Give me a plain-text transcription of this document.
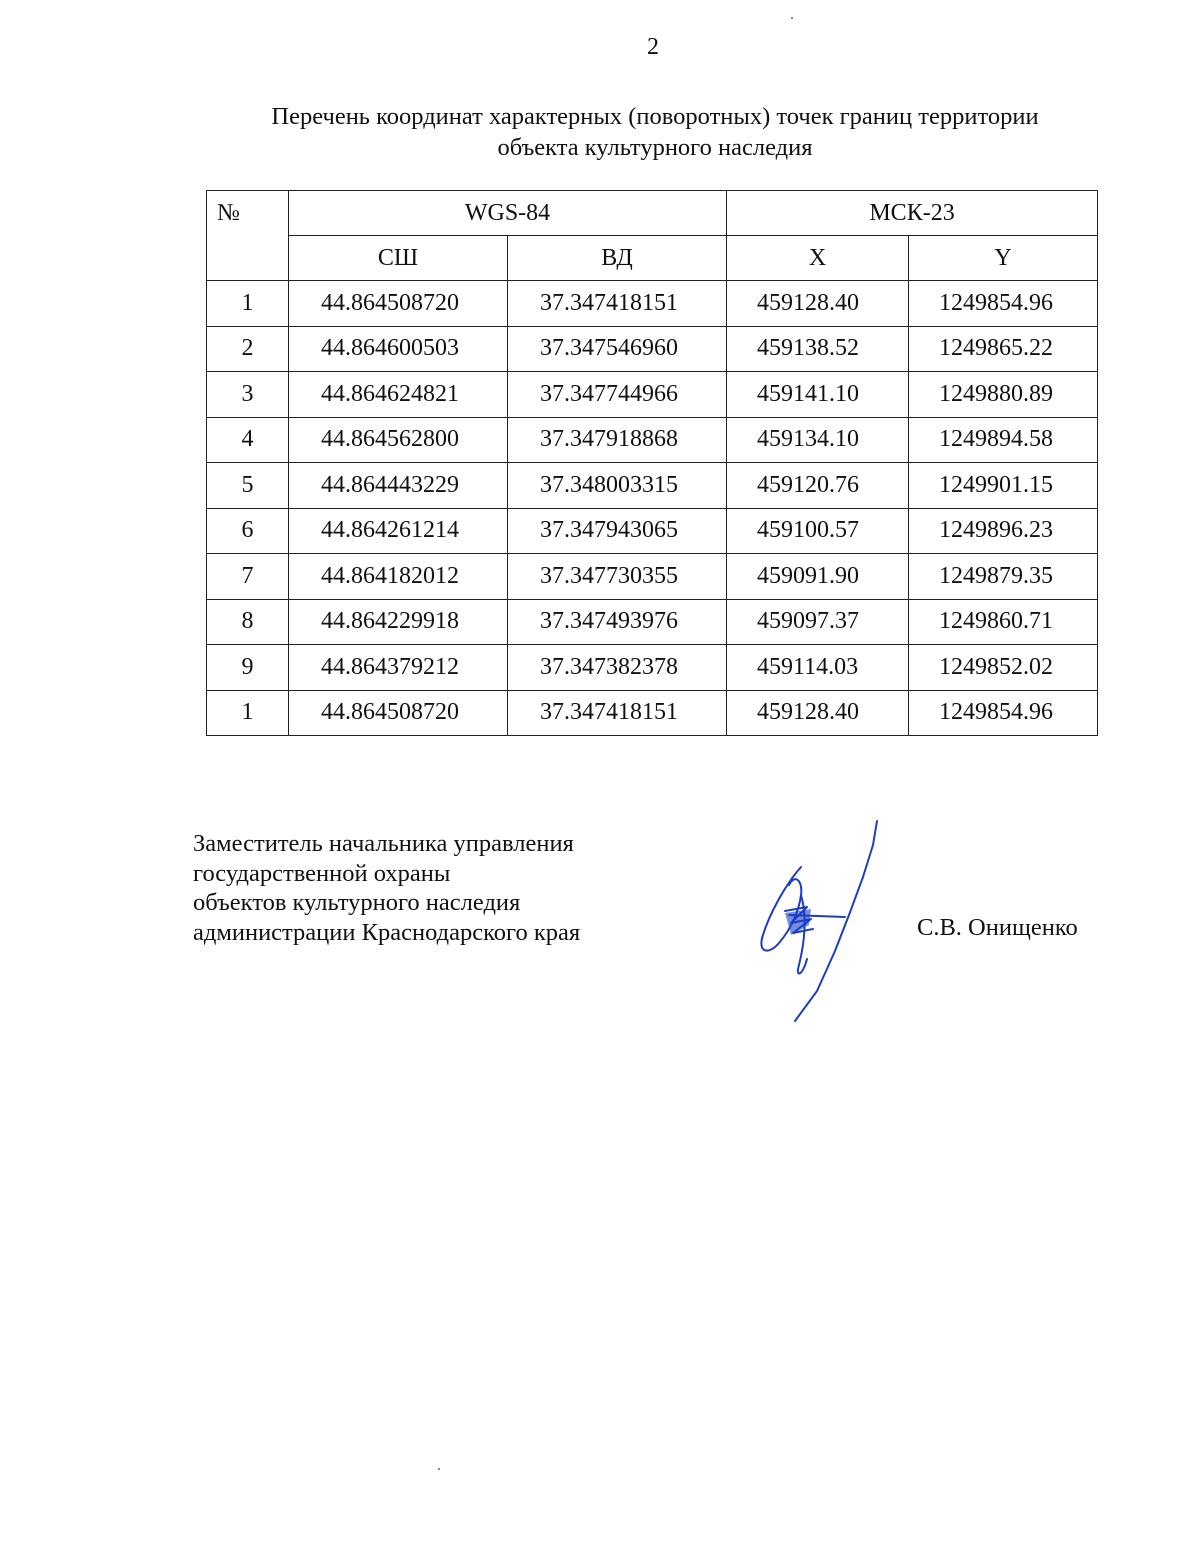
2
Перечень координат характерных (поворотных) точек границ территории
объекта культурного наследия
№	WGS-84		МСК-23	
	СШ	ВД	X	Y
1	44.864508720	37.347418151	459128.40	1249854.96
2	44.864600503	37.347546960	459138.52	1249865.22
3	44.864624821	37.347744966	459141.10	1249880.89
4	44.864562800	37.347918868	459134.10	1249894.58
5	44.864443229	37.348003315	459120.76	1249901.15
6	44.864261214	37.347943065	459100.57	1249896.23
7	44.864182012	37.347730355	459091.90	1249879.35
8	44.864229918	37.347493976	459097.37	1249860.71
9	44.864379212	37.347382378	459114.03	1249852.02
1	44.864508720	37.347418151	459128.40	1249854.96
Заместитель начальника управления
государственной охраны
объектов культурного наследия
администрации Краснодарского края	С.В. Онищенко
